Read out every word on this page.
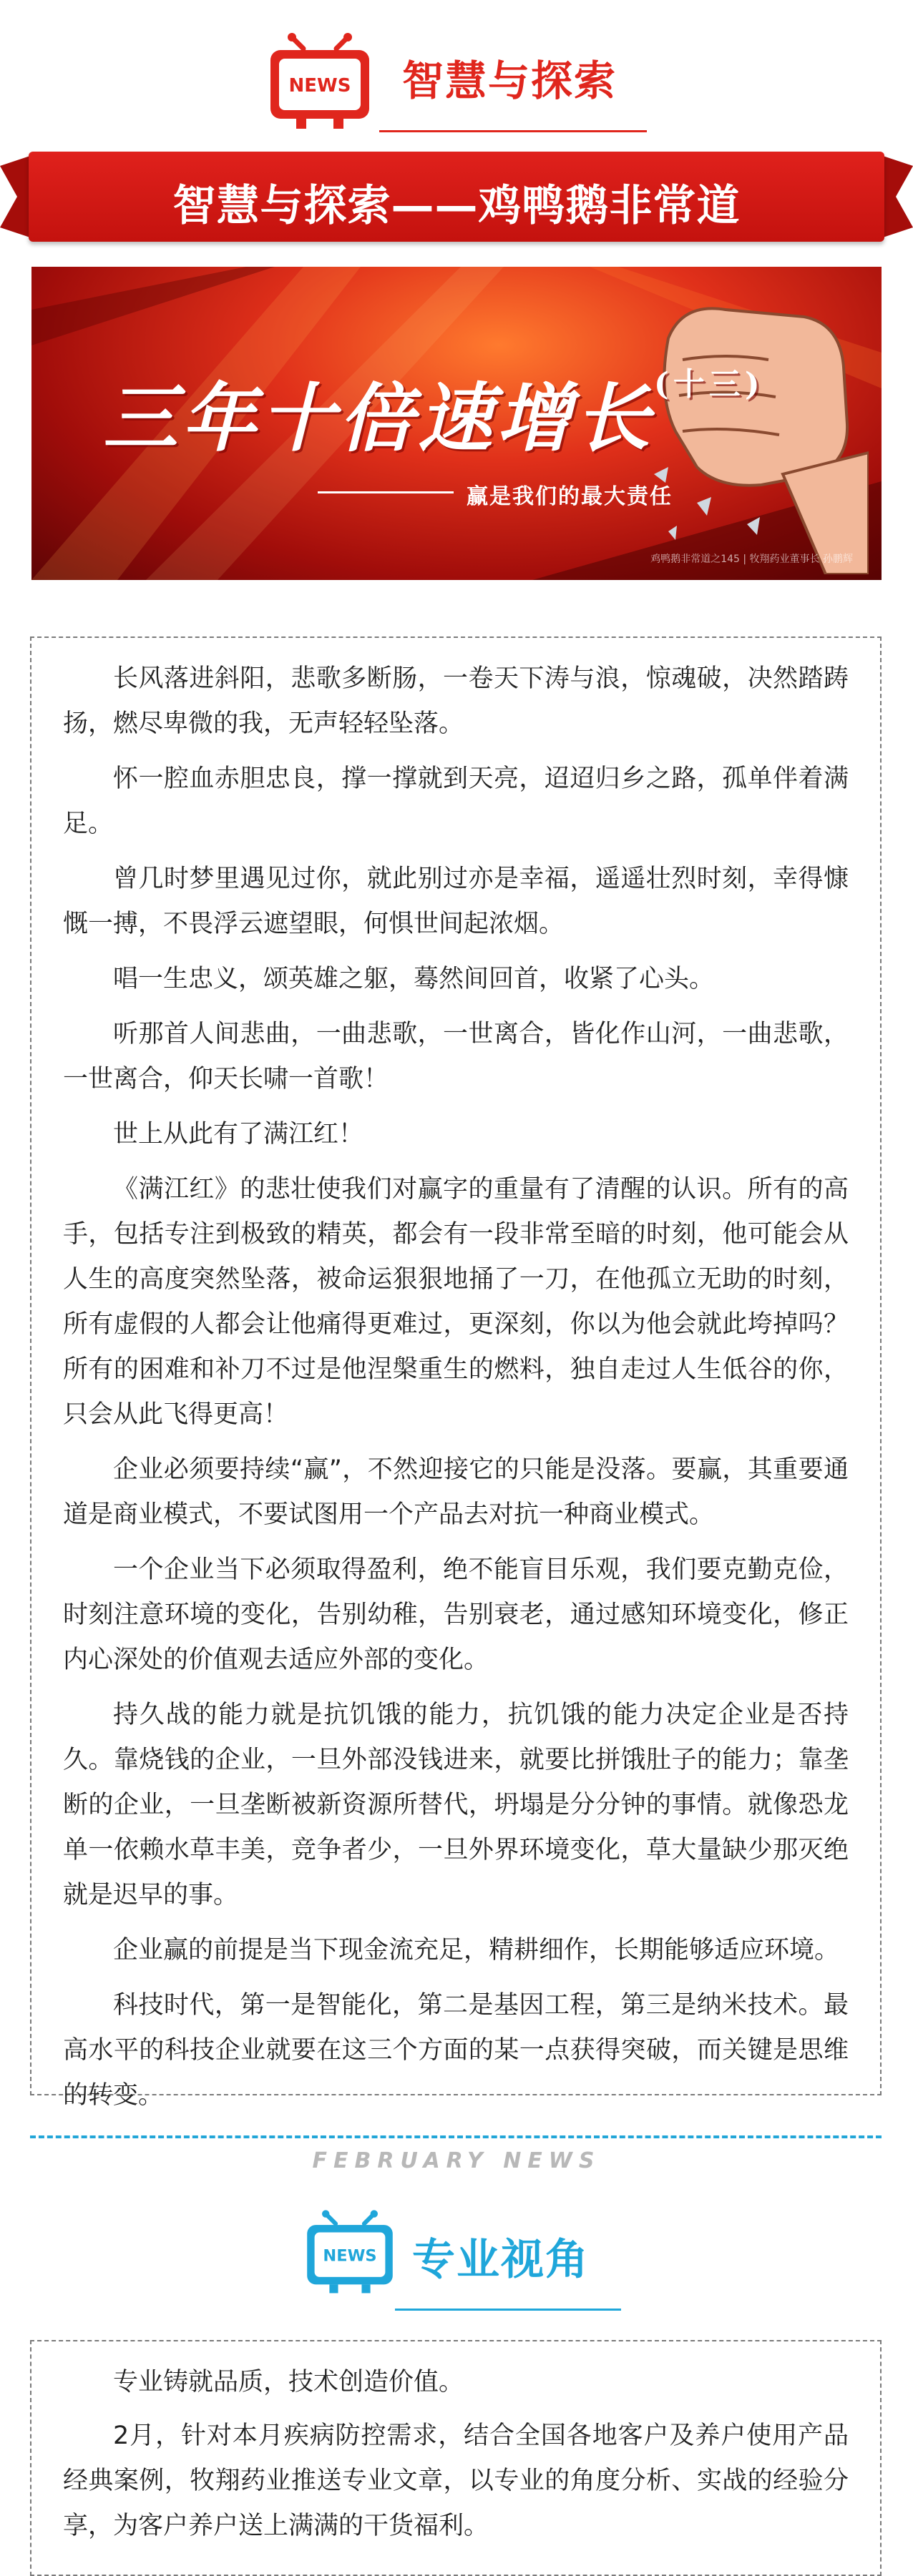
NEWS 智慧与探索
智慧与探索——鸡鸭鹅非常道
三年十倍速增长$^{(十三)}$
赢是我们的最大责任
鸡鸭鹅非常道之145 | 牧翔药业董事长 孙鹏辉

长风落进斜阳，悲歌多断肠，一卷天下涛与浪，惊魂破，决然踏踌扬，燃尽卑微的我，无声轻轻坠落。

怀一腔血赤胆忠良，撑一撑就到天亮，迢迢归乡之路，孤单伴着满足。

曾几时梦里遇见过你，就此别过亦是幸福，遥遥壮烈时刻，幸得慷慨一搏，不畏浮云遮望眼，何惧世间起浓烟。

唱一生忠义，颂英雄之躯，蓦然间回首，收紧了心头。

听那首人间悲曲，一曲悲歌，一世离合，皆化作山河，一曲悲歌，一世离合，仰天长啸一首歌！

世上从此有了满江红！

《满江红》的悲壮使我们对赢字的重量有了清醒的认识。所有的高手，包括专注到极致的精英，都会有一段非常至暗的时刻，他可能会从人生的高度突然坠落，被命运狠狠地捅了一刀，在他孤立无助的时刻，所有虚假的人都会让他痛得更难过，更深刻，你以为他会就此垮掉吗？所有的困难和补刀不过是他涅槃重生的燃料，独自走过人生低谷的你，只会从此飞得更高！

企业必须要持续“赢”，不然迎接它的只能是没落。要赢，其重要通道是商业模式，不要试图用一个产品去对抗一种商业模式。

一个企业当下必须取得盈利，绝不能盲目乐观，我们要克勤克俭，时刻注意环境的变化，告别幼稚，告别衰老，通过感知环境变化，修正内心深处的价值观去适应外部的变化。

持久战的能力就是抗饥饿的能力，抗饥饿的能力决定企业是否持久。靠烧钱的企业，一旦外部没钱进来，就要比拼饿肚子的能力；靠垄断的企业，一旦垄断被新资源所替代，坍塌是分分钟的事情。就像恐龙单一依赖水草丰美，竞争者少，一旦外界环境变化，草大量缺少那灭绝就是迟早的事。

企业赢的前提是当下现金流充足，精耕细作，长期能够适应环境。

科技时代，第一是智能化，第二是基因工程，第三是纳米技术。最高水平的科技企业就要在这三个方面的某一点获得突破，而关键是思维的转变。

FEBRUARY NEWS
NEWS 专业视角

专业铸就品质，技术创造价值。

2月，针对本月疾病防控需求，结合全国各地客户及养户使用产品经典案例，牧翔药业推送专业文章，以专业的角度分析、实战的经验分享，为客户养户送上满满的干货福利。
